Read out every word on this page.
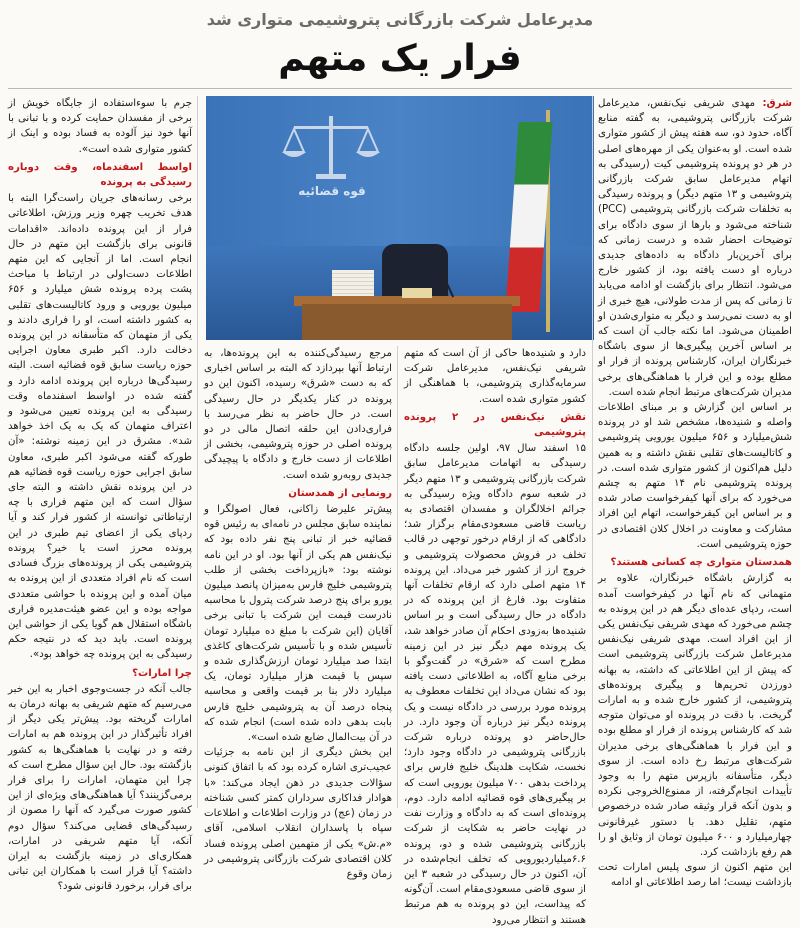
مدیرعامل شرکت بازرگانی پتروشیمی متواری شد
فرار یک متهم
قوه قضائیه

شرق: مهدی شریفی نیک‌نفس، مدیرعامل شرکت بازرگانی پتروشیمی، به گفته منابع آگاه، حدود دو، سه هفته پیش از کشور متواری شده است. او به‌عنوان یکی از مهره‌های اصلی در هر دو پرونده پتروشیمی کیت (رسیدگی به اتهام مدیرعامل سابق شرکت بازرگانی پتروشیمی و ۱۳ متهم دیگر) و پرونده رسیدگی به تخلفات شرکت بازرگانی پتروشیمی (PCC) شناخته می‌شود و بارها از سوی دادگاه برای توضیحات احضار شده و درست زمانی که برای آخرین‌بار دادگاه به داده‌های جدیدی درباره او دست یافته بود، از کشور خارج می‌شود. انتظار برای بازگشت او ادامه می‌یابد تا زمانی که پس از مدت طولانی، هیچ خبری از او به دست نمی‌رسد و دیگر به متواری‌شدن او اطمینان می‌شود. اما نکته جالب آن است که بر اساس آخرین پیگیری‌ها از سوی باشگاه خبرنگاران ایران، کارشناس پرونده از فرار او مطلع بوده و این فرار با هماهنگی‌های برخی مدیران شرکت‌های مرتبط انجام شده است.

بر اساس این گزارش و بر مبنای اطلاعات واصله و شنیده‌ها، مشخص شد او در پرونده شش‌میلیارد و ۶۵۶ میلیون یورویی پتروشیمی و کاتالیست‌های تقلبی نقش داشته و به همین دلیل هم‌اکنون از کشور متواری شده است. در پرونده پتروشیمی نام ۱۴ متهم به چشم می‌خورد که برای آنها کیفرخواست صادر شده و بر اساس این کیفرخواست، اتهام این افراد مشارکت و معاونت در اخلال کلان اقتصادی در حوزه پتروشیمی است.

همدستان متواری چه کسانی هستند؟

به گزارش باشگاه خبرنگاران، علاوه بر متهمانی که نام آنها در کیفرخواست آمده است، ردپای عده‌ای دیگر هم در این پرونده به چشم می‌خورد که مهدی شریفی نیک‌نفس یکی از این افراد است. مهدی شریفی نیک‌نفس مدیرعامل شرکت بازرگانی پتروشیمی است که پیش از این اطلاعاتی که داشته، به بهانه دورزدن تحریم‌ها و پیگیری پرونده‌های پتروشیمی، از کشور خارج شده و به امارات گریخت. با دقت در پرونده او می‌توان متوجه شد که کارشناس پرونده از فرار او مطلع بوده و این فرار با هماهنگی‌های برخی مدیران شرکت‌های مرتبط رخ داده است. از سوی دیگر، متأسفانه بازپرس متهم را به وجود تأییدات انجام‌گرفته، از ممنوع‌الخروجی نکرده و بدون آنکه قرار وثیقه صادر شده درخصوص متهم، تقلیل دهد. با دستور غیرقانونی چهارمیلیارد و ۶۰۰ میلیون تومان از وثایق او را هم رفع بازداشت کرد.

این متهم اکنون از سوی پلیس امارات تحت بازداشت نیست؛ اما رصد اطلاعاتی او ادامه

دارد و شنیده‌ها حاکی از آن است که متهم شریفی نیک‌نفس، مدیرعامل شرکت سرمایه‌گذاری پتروشیمی، با هماهنگی از کشور متواری شده است.

نقش نیک‌نفس در ۲ پرونده پتروشیمی

۱۵ اسفند سال ۹۷، اولین جلسه دادگاه رسیدگی به اتهامات مدیرعامل سابق شرکت بازرگانی پتروشیمی و ۱۳ متهم دیگر در شعبه سوم دادگاه ویژه رسیدگی به جرائم اخلالگران و مفسدان اقتصادی به ریاست قاضی مسعودی‌مقام برگزار شد؛ دادگاهی که از ارقام درخور توجهی در قالب تخلف در فروش محصولات پتروشیمی و خروج ارز از کشور خبر می‌داد. این پرونده ۱۴ متهم اصلی دارد که ارقام تخلفات آنها متفاوت بود. فارغ از این پرونده که در دادگاه در حال رسیدگی است و بر اساس شنیده‌ها به‌زودی احکام آن صادر خواهد شد، یک پرونده مهم دیگر نیز در این زمینه مطرح است که «شرق» در گفت‌وگو با برخی منابع آگاه، به اطلاعاتی دست یافته بود که نشان می‌داد این تخلفات معطوف به پرونده مورد بررسی در دادگاه نیست و یک پرونده دیگر نیز درباره آن وجود دارد. در حال‌حاضر دو پرونده درباره شرکت بازرگانی پتروشیمی در دادگاه وجود دارد؛ نخست، شکایت هلدینگ خلیج فارس برای پرداخت بدهی ۷۰۰ میلیون یورویی است که بر پیگیری‌های قوه قضائیه ادامه دارد. دوم، پرونده‌ای است که به دادگاه و وزارت نفت در نهایت حاضر به شکایت از شرکت بازرگانی پتروشیمی شده و دو، پرونده ۶.۶میلیاردیورویی که تخلف انجام‌شده در آن، اکنون در حال رسیدگی در شعبه ۳ این از سوی قاضی مسعودی‌مقام است. آن‌گونه که پیداست، این دو پرونده به هم مرتبط هستند و انتظار می‌رود

مرجع رسیدگی‌کننده به این پرونده‌ها، به ارتباط آنها بپردازد که البته بر اساس اخباری که به دست «شرق» رسیده، اکنون این دو پرونده در کنار یکدیگر در حال رسیدگی است. در حال حاضر به نظر می‌رسد با فراری‌دادن این حلقه اتصال مالی در دو پرونده اصلی در حوزه پتروشیمی، بخشی از اطلاعات از دست خارج و دادگاه با پیچیدگی جدیدی روبه‌رو شده است.

رونمایی از همدستان

پیش‌تر علیرضا زاکانی، فعال اصولگرا و نماینده سابق مجلس در نامه‌ای به رئیس قوه قضائیه خبر از تبانی پنج نفر داده بود که نیک‌نفس هم یکی از آنها بود. او در این نامه نوشته بود: «بازپرداخت بخشی از طلب پتروشیمی خلیج فارس به‌میزان پانصد میلیون یورو برای پنج درصد شرکت پترول با محاسبه نادرست قیمت این شرکت با تبانی برخی آقایان (این شرکت با مبلغ ده میلیارد تومان تأسیس شده و با تأسیس شرکت‌های کاغذی ابتدا صد میلیارد تومان ارزش‌گذاری شده و سپس با قیمت هزار میلیارد تومان، یک میلیارد دلار بنا بر قیمت واقعی و محاسبه پنجاه درصد آن به پتروشیمی خلیج فارس بابت بدهی داده شده است) انجام شده که در آن بیت‌المال ضایع شده است».

این بخش دیگری از این نامه به جزئیات عجیب‌تری اشاره کرده بود که با اتفاق کنونی سؤالات جدیدی در ذهن ایجاد می‌کند: «با هوادار فداکاری سرداران کمتر کسی شناخته در زمان (عج) در وزارت اطلاعات و اطلاعات سپاه با پاسداران انقلاب اسلامی، آقای «م.ش» یکی از متهمین اصلی پرونده فساد کلان اقتصادی شرکت بازرگانی پتروشیمی در زمان وقوع

جرم با سوءاستفاده از جایگاه خویش از برخی از مفسدان حمایت کرده و با تبانی با آنها خود نیز آلوده به فساد بوده و اینک از کشور متواری شده است».

اواسط اسفندماه، وقت دوباره رسیدگی به پرونده

برخی رسانه‌های جریان راست‌گرا البته با هدف تخریب چهره وزیر ورزش، اطلاعاتی فرار از این پرونده داده‌اند. «اقدامات قانونی برای بازگشت این متهم در حال انجام است. اما از آنجایی که این متهم اطلاعات دست‌اولی در ارتباط با مباحث پشت پرده پرونده شش میلیارد و ۶۵۶ میلیون یورویی و ورود کاتالیست‌های تقلبی به کشور داشته است، او را فراری دادند و یکی از متهمان که متأسفانه در این پرونده دخالت دارد. اکبر طبری معاون اجرایی حوزه ریاست سابق قوه قضائیه است. البته رسیدگی‌ها درباره این پرونده ادامه دارد و گفته شده در اواسط اسفندماه وقت رسیدگی به این پرونده تعیین می‌شود و اعتراف متهمان که یک به یک اخذ خواهد شد». مشرق در این زمینه نوشته: «آن طورکه گفته می‌شود اکبر طبری، معاون سابق اجرایی حوزه ریاست قوه قضائیه هم در این پرونده نقش داشته و البته جای سؤال است که این متهم فراری با چه ارتباطاتی توانسته از کشور فرار کند و آیا ردپای یکی از اعضای تیم طبری در این پرونده محرز است یا خیر؟ پرونده پتروشیمی یکی از پرونده‌های بزرگ فسادی است که نام افراد متعددی از این پرونده به میان آمده و این پرونده با حواشی متعددی مواجه بوده و این عضو هیئت‌مدیره فراری باشگاه استقلال هم گویا یکی از حواشی این پرونده است. باید دید که در نتیجه حکم رسیدگی به این پرونده چه خواهد بود».

چرا امارات؟

جالب آنکه در جست‌وجوی اخبار به این خبر می‌رسیم که متهم شریفی به بهانه درمان به امارات گریخته بود. پیش‌تر یکی دیگر از افراد تأثیرگذار در این پرونده هم به امارات رفته و در نهایت با هماهنگی‌ها به کشور بازگشته بود. حال این سؤال مطرح است که چرا این متهمان، امارات را برای فرار برمی‌گزینند؟ آیا هماهنگی‌های ویژه‌ای از این کشور صورت می‌گیرد که آنها را مصون از رسیدگی‌های قضایی می‌کند؟ سؤال دوم آنکه، آیا متهم شریفی در امارات، همکاری‌ای در زمینه بازگشت به ایران داشته؟ آیا قرار است با همکاران این تبانی برای فرار، برخورد قانونی شود؟
